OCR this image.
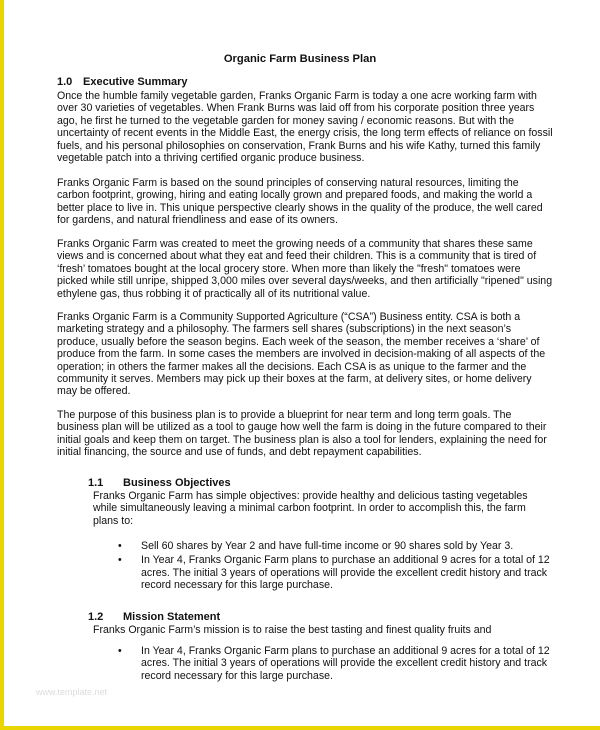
Organic Farm Business Plan
1.0 Executive Summary
Once the humble family vegetable garden, Franks Organic Farm is today a one acre working farm with over 30 varieties of vegetables. When Frank Burns was laid off from his corporate position three years ago, he first he turned to the vegetable garden for money saving / economic reasons. But with the uncertainty of recent events in the Middle East, the energy crisis, the long term effects of reliance on fossil fuels, and his personal philosophies on conservation, Frank Burns and his wife Kathy, turned this family vegetable patch into a thriving certified organic produce business.
Franks Organic Farm is based on the sound principles of conserving natural resources, limiting the carbon footprint, growing, hiring and eating locally grown and prepared foods, and making the world a better place to live in. This unique perspective clearly shows in the quality of the produce, the well cared for gardens, and natural friendliness and ease of its owners.
Franks Organic Farm was created to meet the growing needs of a community that shares these same views and is concerned about what they eat and feed their children. This is a community that is tired of ‘fresh’ tomatoes bought at the local grocery store. When more than likely the "fresh" tomatoes were picked while still unripe, shipped 3,000 miles over several days/weeks, and then artificially "ripened" using ethylene gas, thus robbing it of practically all of its nutritional value.
Franks Organic Farm is a Community Supported Agriculture (“CSA”) Business entity. CSA is both a marketing strategy and a philosophy. The farmers sell shares (subscriptions) in the next season’s produce, usually before the season begins. Each week of the season, the member receives a ‘share’ of produce from the farm. In some cases the members are involved in decision-making of all aspects of the operation; in others the farmer makes all the decisions. Each CSA is as unique to the farmer and the community it serves. Members may pick up their boxes at the farm, at delivery sites, or home delivery may be offered.
The purpose of this business plan is to provide a blueprint for near term and long term goals. The business plan will be utilized as a tool to gauge how well the farm is doing in the future compared to their initial goals and keep them on target. The business plan is also a tool for lenders, explaining the need for initial financing, the source and use of funds, and debt repayment capabilities.
1.1 Business Objectives
Franks Organic Farm has simple objectives: provide healthy and delicious tasting vegetables while simultaneously leaving a minimal carbon footprint. In order to accomplish this, the farm plans to:
• Sell 60 shares by Year 2 and have full-time income or 90 shares sold by Year 3.
• In Year 4, Franks Organic Farm plans to purchase an additional 9 acres for a total of 12 acres. The initial 3 years of operations will provide the excellent credit history and track record necessary for this large purchase.
1.2 Mission Statement
Franks Organic Farm’s mission is to raise the best tasting and finest quality fruits and
• In Year 4, Franks Organic Farm plans to purchase an additional 9 acres for a total of 12 acres. The initial 3 years of operations will provide the excellent credit history and track record necessary for this large purchase.
www.template.net
